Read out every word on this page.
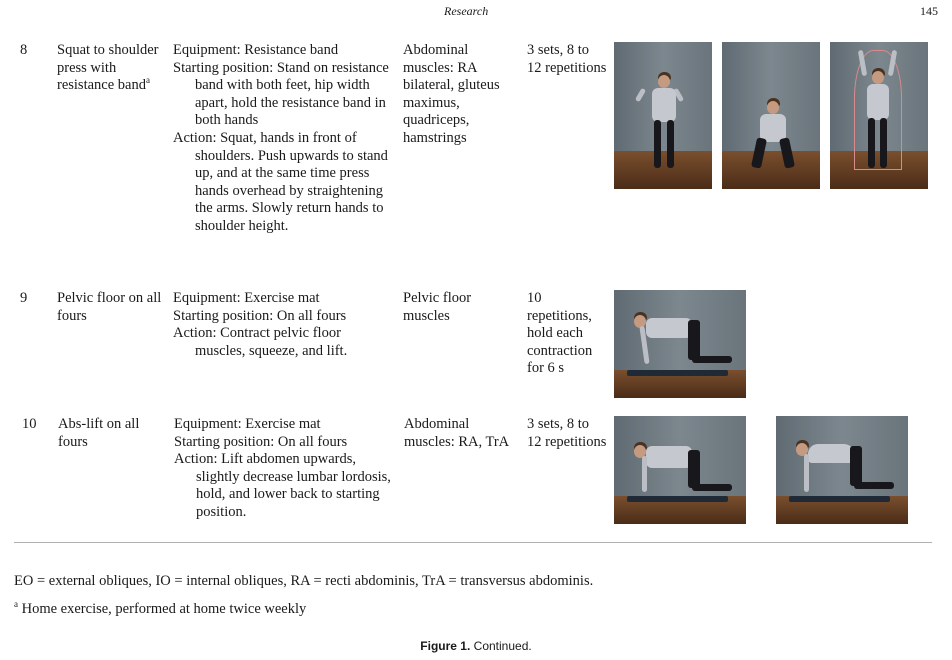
Research	145
8 Squat to shoulder press with resistance band$^a$

Equipment: Resistance band

Starting position: Stand on resistance band with both feet, hip width apart, hold the resistance band in both hands

Action: Squat, hands in front of shoulders. Push upwards to stand up, and at the same time press hands overhead by straightening the arms. Slowly return hands to shoulder height.

Abdominal muscles: RA bilateral, gluteus maximus, quadriceps, hamstrings
3 sets, 8 to 12 repetitions
9 Pelvic floor on all fours

Equipment: Exercise mat

Starting position: On all fours

Action: Contract pelvic floor muscles, squeeze, and lift.

Pelvic floor muscles
10 repetitions, hold each contraction for 6 s
10 Abs-lift on all fours

Equipment: Exercise mat

Starting position: On all fours

Action: Lift abdomen upwards, slightly decrease lumbar lordosis, hold, and lower back to starting position.

Abdominal muscles: RA, TrA
3 sets, 8 to 12 repetitions
EO = external obliques, IO = internal obliques, RA = recti abdominis, TrA = transversus abdominis.
$^a$ Home exercise, performed at home twice weekly
Figure 1. Continued.
